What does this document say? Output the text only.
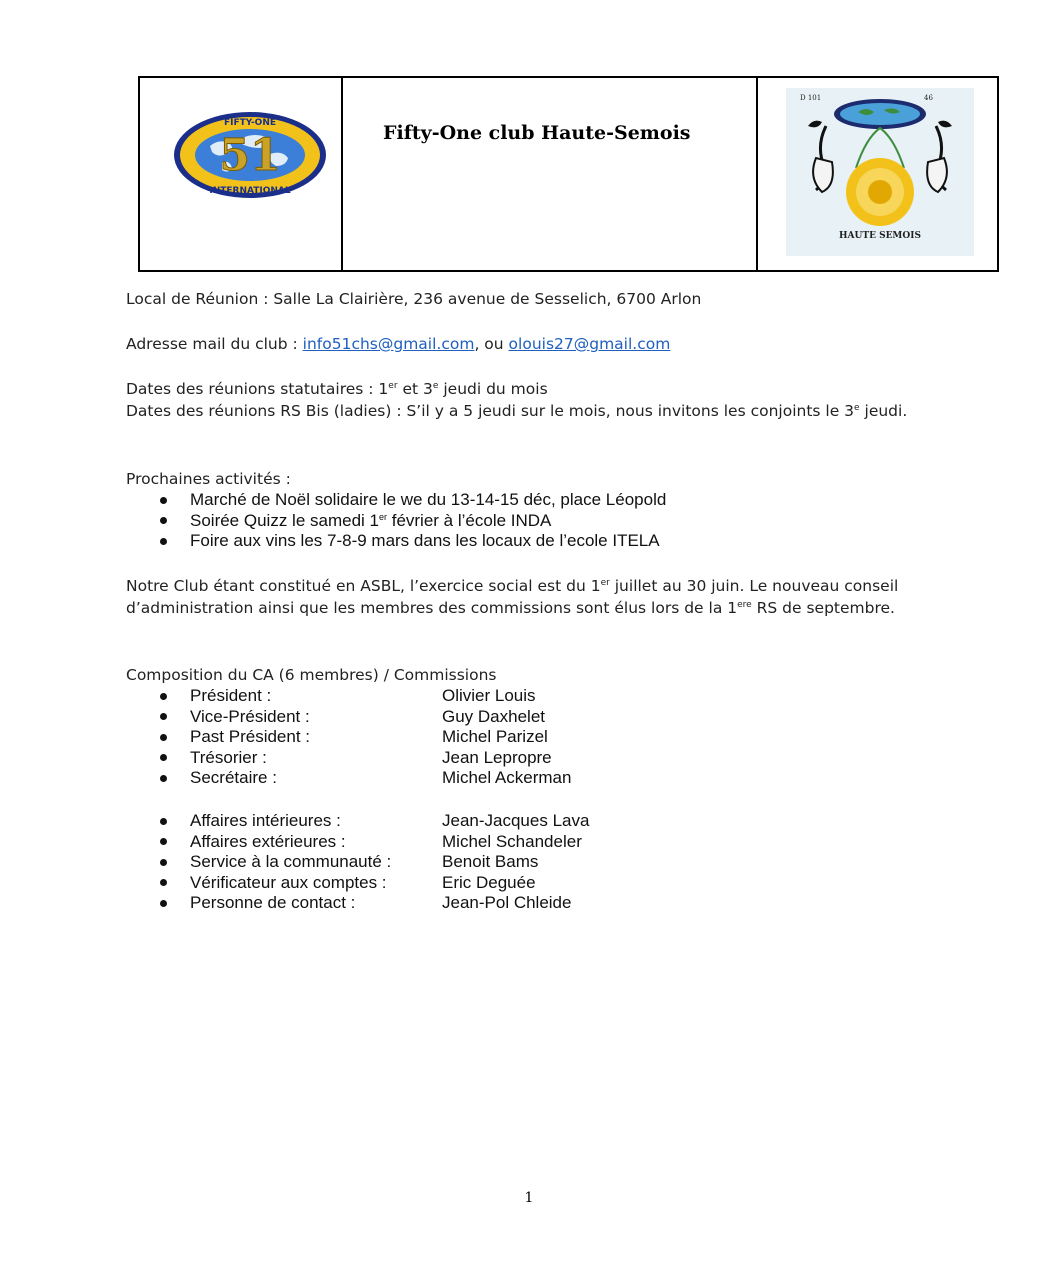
51
FIFTY-ONE
INTERNATIONAL
Fifty-One club Haute-Semois
D 101	46
HAUTE SEMOIS
Local de Réunion : Salle La Clairière, 236 avenue de Sesselich, 6700 Arlon
Adresse mail du club : info51chs@gmail.com, ou olouis27@gmail.com
Dates des réunions statutaires : 1er et 3e jeudi du mois
Dates des réunions RS Bis (ladies) : S’il y a 5 jeudi sur le mois, nous invitons les conjoints le 3e jeudi.
Prochaines activités :
Marché de Noël solidaire le we du 13-14-15 déc, place Léopold
Soirée Quizz le samedi 1er février à l’école INDA
Foire aux vins les 7-8-9 mars dans les locaux de l’ecole ITELA
Notre Club étant constitué en ASBL, l’exercice social est du 1er juillet au 30 juin. Le nouveau conseil d’administration ainsi que les membres des commissions sont élus lors de la 1ere RS de septembre.
Composition du CA (6 membres) / Commissions
Président :	Olivier Louis
Vice-Président :	Guy Daxhelet
Past Président :	Michel Parizel
Trésorier :	Jean Lepropre
Secrétaire :	Michel Ackerman
Affaires intérieures :	Jean-Jacques Lava
Affaires extérieures :	Michel Schandeler
Service à la communauté :	Benoit Bams
Vérificateur aux comptes :	Eric Deguée
Personne de contact :	Jean-Pol Chleide
1
